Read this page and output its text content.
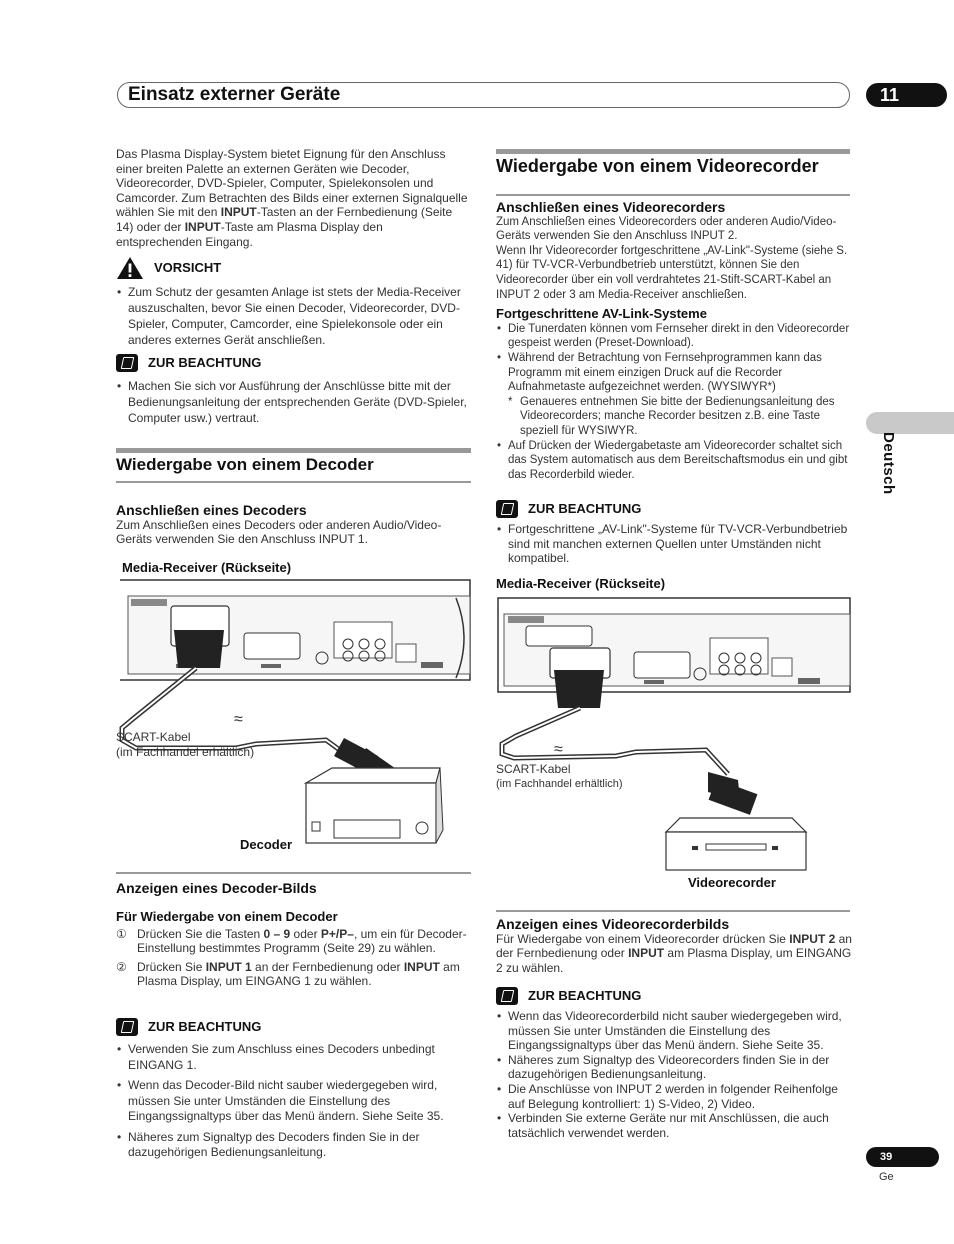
Einsatz externer Geräte	11
Deutsch

Das Plasma Display-System bietet Eignung für den Anschluss einer breiten Palette an externen Geräten wie Decoder, Videorecorder, DVD-Spieler, Computer, Spielekonsolen und Camcorder. Zum Betrachten des Bilds einer externen Signalquelle wählen Sie mit den INPUT-Tasten an der Fernbedienung (Seite 14) oder der INPUT-Taste am Plasma Display den entsprechenden Eingang.

VORSICHT
• Zum Schutz der gesamten Anlage ist stets der Media-Receiver auszuschalten, bevor Sie einen Decoder, Videorecorder, DVD-Spieler, Computer, Camcorder, eine Spielekonsole oder ein anderes externes Gerät anschließen.
ZUR BEACHTUNG
• Machen Sie sich vor Ausführung der Anschlüsse bitte mit der Bedienungsanleitung der entsprechenden Geräte (DVD-Spieler, Computer usw.) vertraut.
Wiedergabe von einem Decoder
Anschließen eines Decoders

Zum Anschließen eines Decoders oder anderen Audio/Video-Geräts verwenden Sie den Anschluss INPUT 1.

Media-Receiver (Rückseite)
≈

SCART-Kabel

(im Fachhandel erhältlich)

Decoder
Anzeigen eines Decoder-Bilds
Für Wiedergabe von einem Decoder
① Drücken Sie die Tasten 0 – 9 oder P+/P–, um ein für Decoder-Einstellung bestimmtes Programm (Seite 29) zu wählen.
② Drücken Sie INPUT 1 an der Fernbedienung oder INPUT am Plasma Display, um EINGANG 1 zu wählen.
ZUR BEACHTUNG
• Verwenden Sie zum Anschluss eines Decoders unbedingt EINGANG 1.
• Wenn das Decoder-Bild nicht sauber wiedergegeben wird, müssen Sie unter Umständen die Einstellung des Eingangssignaltyps über das Menü ändern. Siehe Seite 35.
• Näheres zum Signaltyp des Decoders finden Sie in der dazugehörigen Bedienungsanleitung.
Wiedergabe von einem Videorecorder
Anschließen eines Videorecorders

Zum Anschließen eines Videorecorders oder anderen Audio/Video-Geräts verwenden Sie den Anschluss INPUT 2.

Wenn Ihr Videorecorder fortgeschrittene „AV-Link"-Systeme (siehe S. 41) für TV-VCR-Verbundbetrieb unterstützt, können Sie den Videorecorder über ein voll verdrahtetes 21-Stift-SCART-Kabel an INPUT 2 oder 3 am Media-Receiver anschließen.

Fortgeschrittene AV-Link-Systeme
• Die Tunerdaten können vom Fernseher direkt in den Videorecorder gespeist werden (Preset-Download).
• Während der Betrachtung von Fernsehprogrammen kann das Programm mit einem einzigen Druck auf die Recorder Aufnahmetaste aufgezeichnet werden. (WYSIWYR*)
* Genaueres entnehmen Sie bitte der Bedienungsanleitung des Videorecorders; manche Recorder besitzen z.B. eine Taste speziell für WYSIWYR.
• Auf Drücken der Wiedergabetaste am Videorecorder schaltet sich das System automatisch aus dem Bereitschaftsmodus ein und gibt das Recorderbild wieder.
ZUR BEACHTUNG
• Fortgeschrittene „AV-Link"-Systeme für TV-VCR-Verbundbetrieb sind mit manchen externen Quellen unter Umständen nicht kompatibel.
Media-Receiver (Rückseite)
≈

SCART-Kabel

(im Fachhandel erhältlich)

Videorecorder
Anzeigen eines Videorecorderbilds

Für Wiedergabe von einem Videorecorder drücken Sie INPUT 2 an der Fernbedienung oder INPUT am Plasma Display, um EINGANG 2 zu wählen.

ZUR BEACHTUNG
• Wenn das Videorecorderbild nicht sauber wiedergegeben wird, müssen Sie unter Umständen die Einstellung des Eingangssignaltyps über das Menü ändern. Siehe Seite 35.
• Näheres zum Signaltyp des Videorecorders finden Sie in der dazugehörigen Bedienungsanleitung.
• Die Anschlüsse von INPUT 2 werden in folgender Reihenfolge auf Belegung kontrolliert: 1) S-Video, 2) Video.
• Verbinden Sie externe Geräte nur mit Anschlüssen, die auch tatsächlich verwendet werden.
39
Ge
